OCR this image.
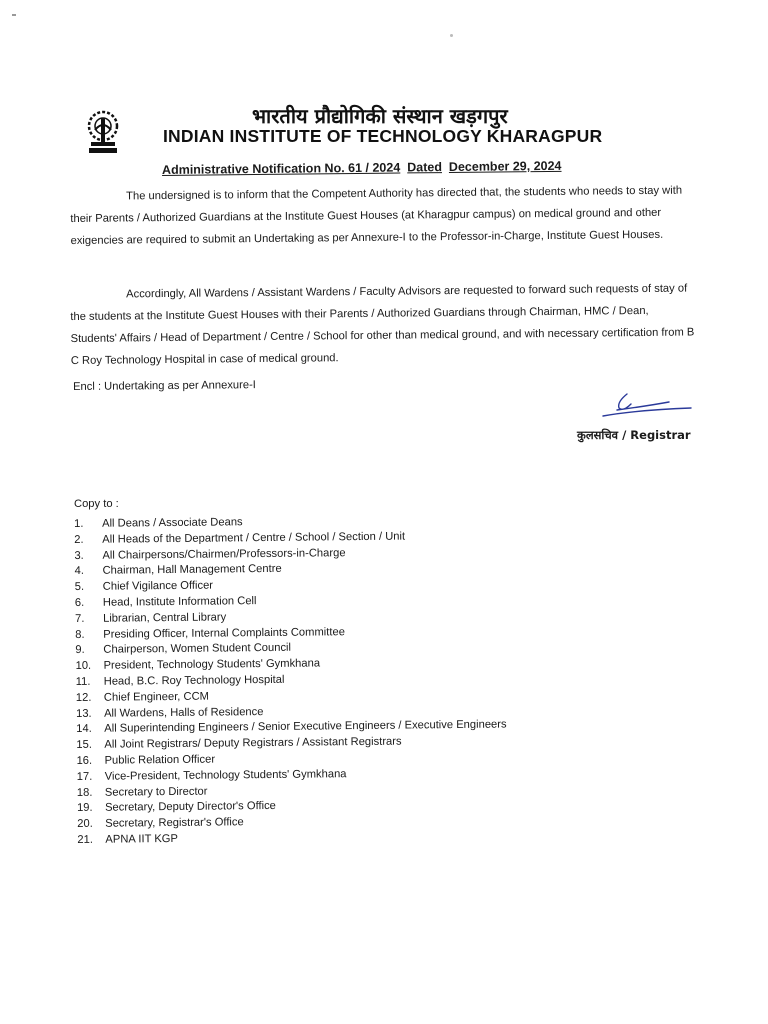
भारतीय प्रौद्योगिकी संस्थान खड़गपुर
INDIAN INSTITUTE OF TECHNOLOGY KHARAGPUR
Administrative Notification No. 61 / 2024 Dated December 29, 2024
The undersigned is to inform that the Competent Authority has directed that, the students who needs to stay with their Parents / Authorized Guardians at the Institute Guest Houses (at Kharagpur campus) on medical ground and other exigencies are required to submit an Undertaking as per Annexure-I to the Professor-in-Charge, Institute Guest Houses.
Accordingly, All Wardens / Assistant Wardens / Faculty Advisors are requested to forward such requests of stay of the students at the Institute Guest Houses with their Parents / Authorized Guardians through Chairman, HMC / Dean, Students' Affairs / Head of Department / Centre / School for other than medical ground, and with necessary certification from B C Roy Technology Hospital in case of medical ground.
Encl : Undertaking as per Annexure-I
कुलसचिव / Registrar
Copy to :
1. All Deans / Associate Deans
2. All Heads of the Department / Centre / School / Section / Unit
3. All Chairpersons/Chairmen/Professors-in-Charge
4. Chairman, Hall Management Centre
5. Chief Vigilance Officer
6. Head, Institute Information Cell
7. Librarian, Central Library
8. Presiding Officer, Internal Complaints Committee
9. Chairperson, Women Student Council
10. President, Technology Students' Gymkhana
11. Head, B.C. Roy Technology Hospital
12. Chief Engineer, CCM
13. All Wardens, Halls of Residence
14. All Superintending Engineers / Senior Executive Engineers / Executive Engineers
15. All Joint Registrars/ Deputy Registrars / Assistant Registrars
16. Public Relation Officer
17. Vice-President, Technology Students' Gymkhana
18. Secretary to Director
19. Secretary, Deputy Director's Office
20. Secretary, Registrar's Office
21. APNA IIT KGP
